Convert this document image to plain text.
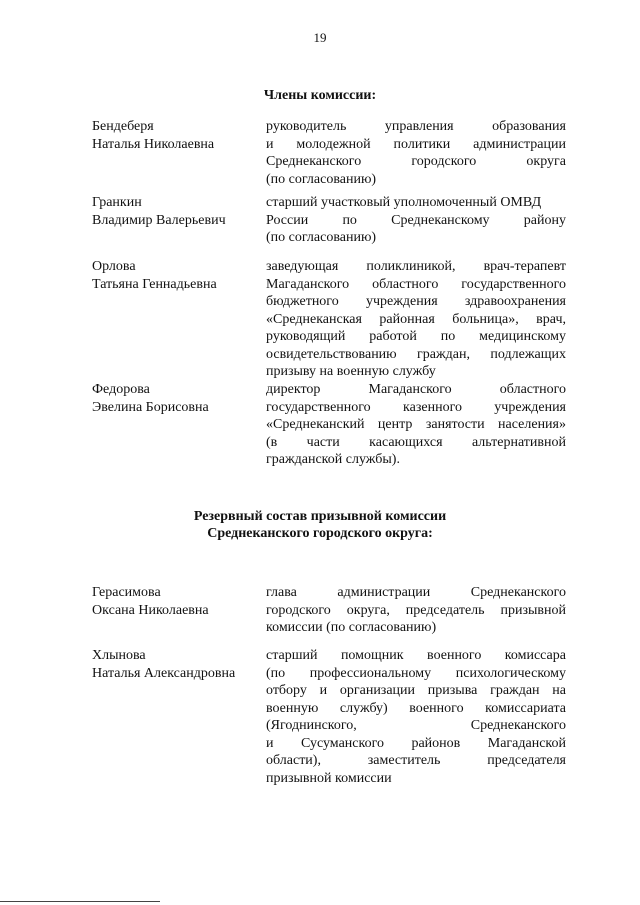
19
Члены комиссии:
Бендеберя
Наталья Николаевна
руководитель управления образования
и молодежной политики администрации
Среднеканского городского округа
(по согласованию)
Гранкин
Владимир Валерьевич
старший участковый уполномоченный ОМВД
России по Среднеканскому району
(по согласованию)
Орлова
Татьяна Геннадьевна
заведующая поликлиникой, врач-терапевт
Магаданского областного государственного
бюджетного учреждения здравоохранения
«Среднеканская районная больница», врач,
руководящий работой по медицинскому
освидетельствованию граждан, подлежащих
призыву на военную службу
Федорова
Эвелина Борисовна
директор Магаданского областного
государственного казенного учреждения
«Среднеканский центр занятости населения»
(в части касающихся альтернативной
гражданской службы).
Резервный состав призывной комиссии
Среднеканского городского округа:
Герасимова
Оксана Николаевна
глава администрации Среднеканского
городского округа, председатель призывной
комиссии (по согласованию)
Хлынова
Наталья Александровна
старший помощник военного комиссара
(по профессиональному психологическому
отбору и организации призыва граждан на
военную службу) военного комиссариата
(Ягоднинского, Среднеканского
и Сусуманского районов Магаданской
области), заместитель председателя
призывной комиссии
